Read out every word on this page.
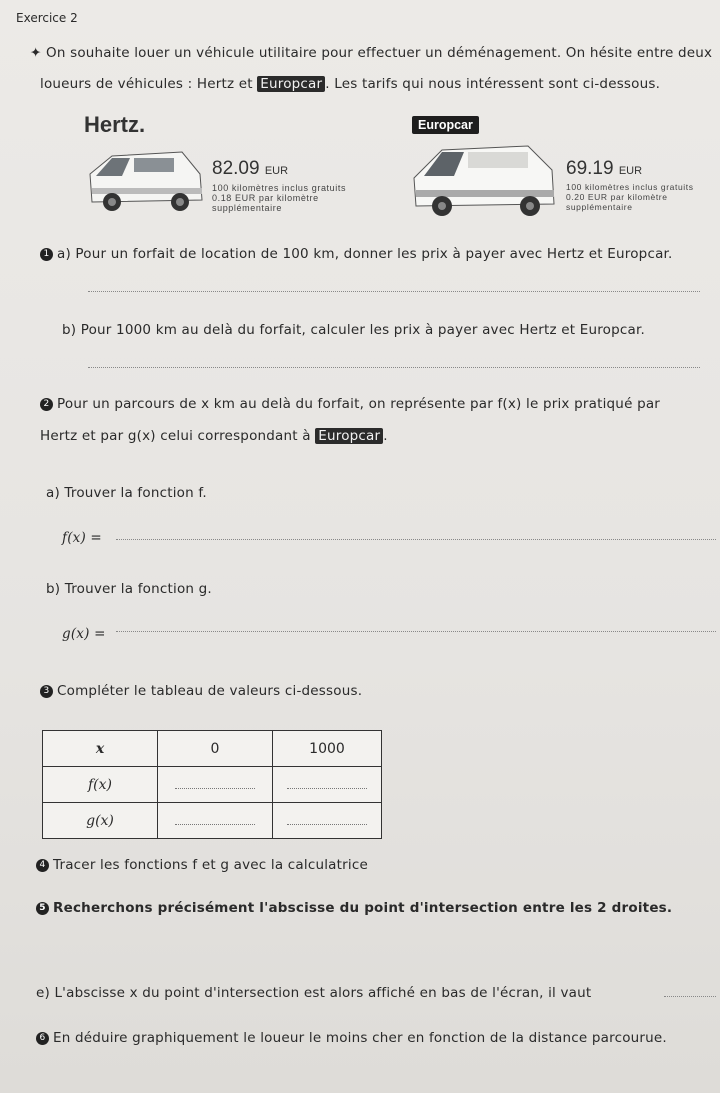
Exercice 2
✦ On souhaite louer un véhicule utilitaire pour effectuer un déménagement. On hésite entre deux
loueurs de véhicules : Hertz et Europcar . Les tarifs qui nous intéressent sont ci-dessous.
Hertz.
82.09 EUR
100 kilomètres inclus gratuits
0.18 EUR par kilomètre
supplémentaire
Europcar
69.19 EUR
100 kilomètres inclus gratuits
0.20 EUR par kilomètre
supplémentaire
1 a) Pour un forfait de location de 100 km, donner les prix à payer avec Hertz et Europcar.
b) Pour 1000 km au delà du forfait, calculer les prix à payer avec Hertz et Europcar.
2 Pour un parcours de x km au delà du forfait, on représente par f(x) le prix pratiqué par
Hertz et par g(x) celui correspondant à Europcar .
a) Trouver la fonction f.
f(x) =
b) Trouver la fonction g.
g(x) =
3 Compléter le tableau de valeurs ci-dessous.
x	0	1000
f(x)		
g(x)		
4 Tracer les fonctions f et g avec la calculatrice
5 Recherchons précisément l'abscisse du point d'intersection entre les 2 droites.
e) L'abscisse x du point d'intersection est alors affiché en bas de l'écran, il vaut
6 En déduire graphiquement le loueur le moins cher en fonction de la distance parcourue.
